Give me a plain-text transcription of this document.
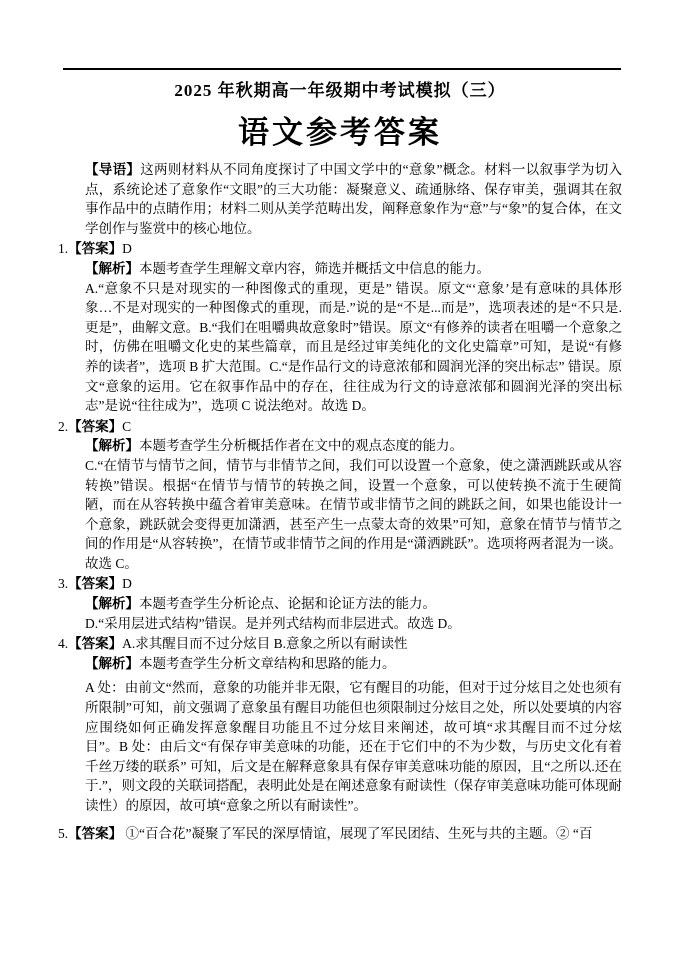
2025 年秋期高一年级期中考试模拟（三）
语文参考答案

【导语】这两则材料从不同角度探讨了中国文学中的“意象”概念。材料一以叙事学为切入点，系统论述了意象作“文眼”的三大功能：凝聚意义、疏通脉络、保存审美，强调其在叙事作品中的点睛作用；材料二则从美学范畴出发，阐释意象作为“意”与“象”的复合体，在文学创作与鉴赏中的核心地位。

1.【答案】D

【解析】本题考查学生理解文章内容，筛选并概括文中信息的能力。

A.“意象不只是对现实的一种图像式的重现，更是” 错误。原文“‘意象’是有意味的具体形象…不是对现实的一种图像式的重现，而是.”说的是“不是...而是”，选项表述的是“不只是.更是”，曲解文意。B.“我们在咀嚼典故意象时”错误。原文“有修养的读者在咀嚼一个意象之时，仿佛在咀嚼文化史的某些篇章，而且是经过审美纯化的文化史篇章”可知，是说“有修养的读者”，选项 B 扩大范围。C.“是作品行文的诗意浓郁和圆润光泽的突出标志” 错误。原文“意象的运用。它在叙事作品中的存在，往往成为行文的诗意浓郁和圆润光泽的突出标志”是说“往往成为”，选项 C 说法绝对。故选 D。

2.【答案】C

【解析】本题考查学生分析概括作者在文中的观点态度的能力。

C.“在情节与情节之间，情节与非情节之间，我们可以设置一个意象，使之潇洒跳跃或从容转换”错误。根据“在情节与情节的转换之间，设置一个意象，可以使转换不流于生硬简陋，而在从容转换中蕴含着审美意味。在情节或非情节之间的跳跃之间，如果也能设计一个意象，跳跃就会变得更加潇洒，甚至产生一点蒙太奇的效果”可知，意象在情节与情节之间的作用是“从容转换”，在情节或非情节之间的作用是“潇洒跳跃”。选项将两者混为一谈。故选 C。

3.【答案】D

【解析】本题考查学生分析论点、论据和论证方法的能力。

D.“采用层进式结构”错误。是并列式结构而非层进式。故选 D。

4.【答案】A.求其醒目而不过分炫目 B.意象之所以有耐读性

【解析】本题考查学生分析文章结构和思路的能力。

A 处：由前文“然而，意象的功能并非无限，它有醒目的功能，但对于过分炫目之处也须有所限制”可知，前文强调了意象虽有醒目功能但也须限制过分炫目之处，所以处要填的内容应围绕如何正确发挥意象醒目功能且不过分炫目来阐述，故可填“求其醒目而不过分炫目”。B 处：由后文“有保存审美意味的功能，还在于它们中的不为少数，与历史文化有着千丝万缕的联系” 可知，后文是在解释意象具有保存审美意味功能的原因，且“之所以.还在于.”，则文段的关联词搭配，表明此处是在阐述意象有耐读性（保存审美意味功能可体现耐读性）的原因，故可填“意象之所以有耐读性”。

5.【答案】 ①“百合花”凝聚了军民的深厚情谊，展现了军民团结、生死与共的主题。② “百
